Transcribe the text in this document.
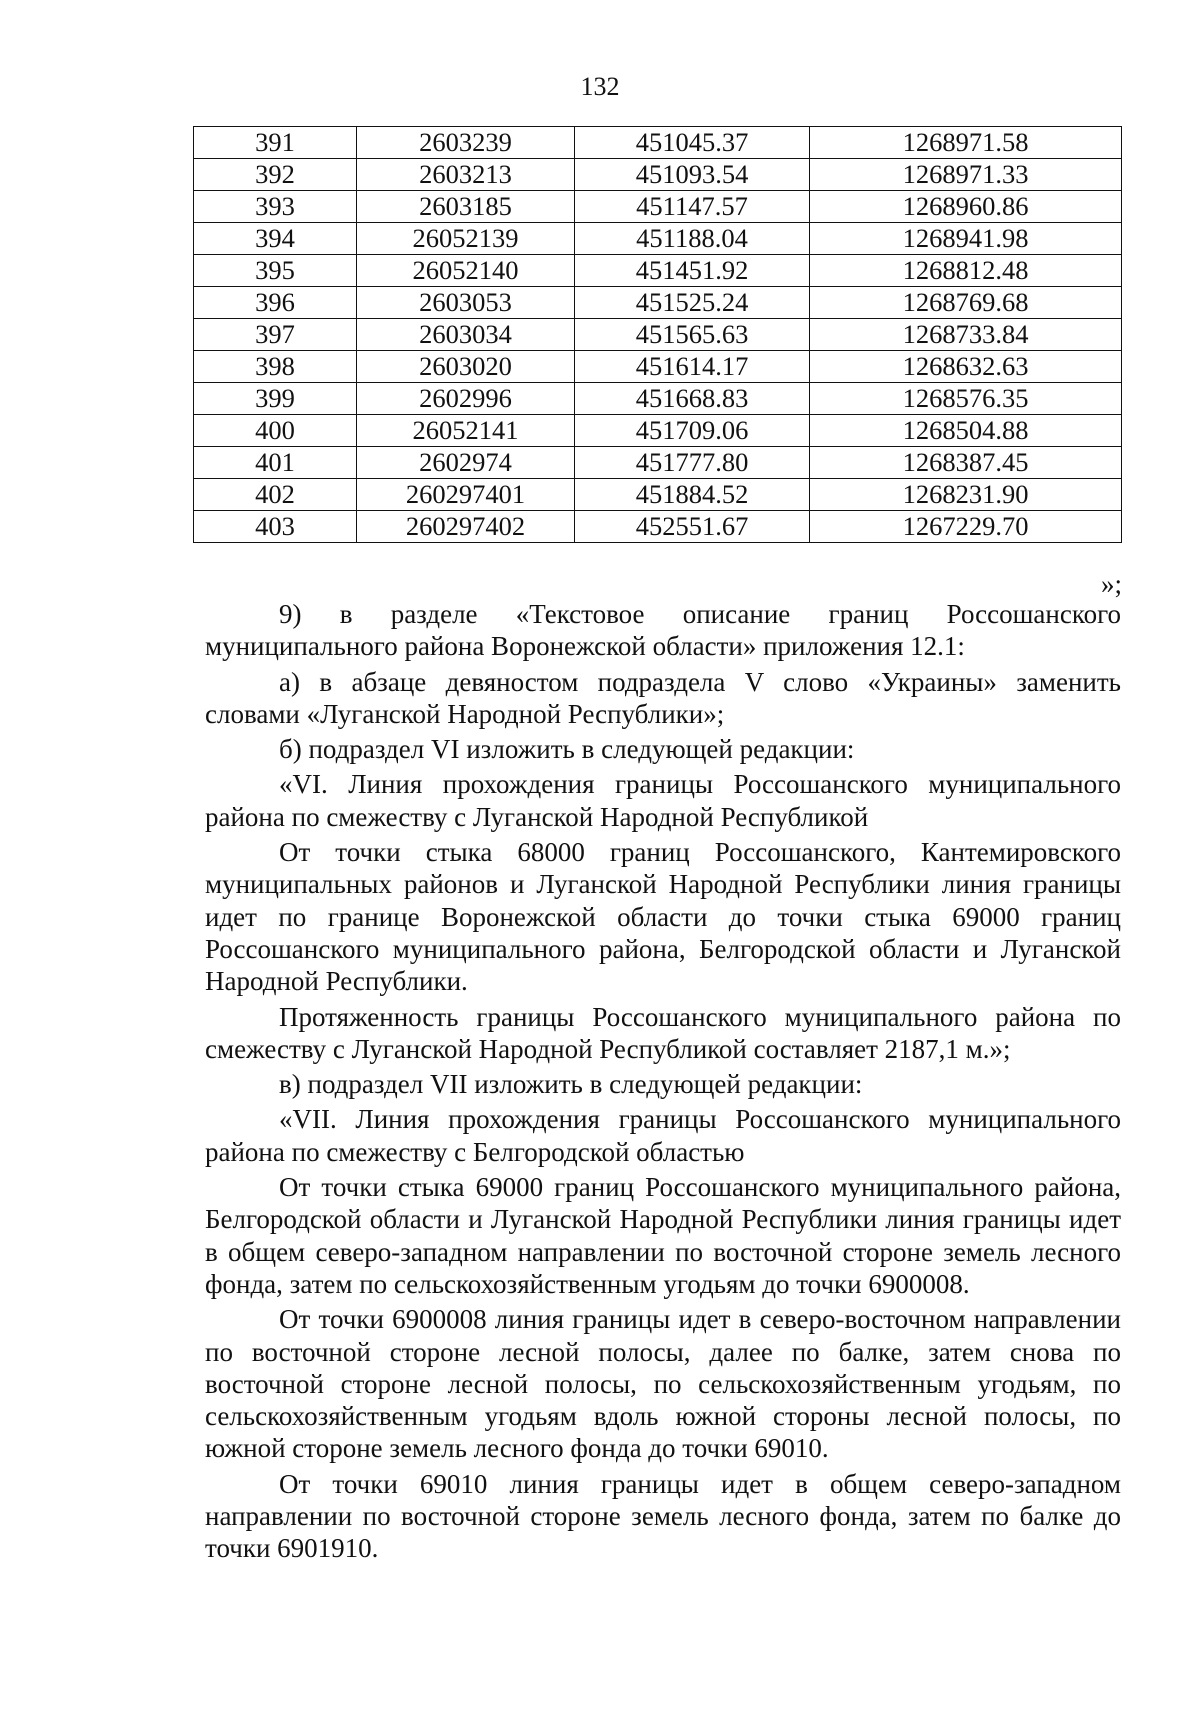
132
391	2603239	451045.37	1268971.58
392	2603213	451093.54	1268971.33
393	2603185	451147.57	1268960.86
394	26052139	451188.04	1268941.98
395	26052140	451451.92	1268812.48
396	2603053	451525.24	1268769.68
397	2603034	451565.63	1268733.84
398	2603020	451614.17	1268632.63
399	2602996	451668.83	1268576.35
400	26052141	451709.06	1268504.88
401	2602974	451777.80	1268387.45
402	260297401	451884.52	1268231.90
403	260297402	452551.67	1267229.70
»;

9) в разделе «Текстовое описание границ Россошанского муниципального района Воронежской области» приложения 12.1:

а) в абзаце девяностом подраздела V слово «Украины» заменить словами «Луганской Народной Республики»;

б) подраздел VI изложить в следующей редакции:

«VI. Линия прохождения границы Россошанского муниципального района по смежеству с Луганской Народной Республикой

От точки стыка 68000 границ Россошанского, Кантемировского муниципальных районов и Луганской Народной Республики линия границы идет по границе Воронежской области до точки стыка 69000 границ Россошанского муниципального района, Белгородской области и Луганской Народной Республики.

Протяженность границы Россошанского муниципального района по смежеству с Луганской Народной Республикой составляет 2187,1 м.»;

в) подраздел VII изложить в следующей редакции:

«VII. Линия прохождения границы Россошанского муниципального района по смежеству с Белгородской областью

От точки стыка 69000 границ Россошанского муниципального района, Белгородской области и Луганской Народной Республики линия границы идет в общем северо-западном направлении по восточной стороне земель лесного фонда, затем по сельскохозяйственным угодьям до точки 6900008.

От точки 6900008 линия границы идет в северо-восточном направлении по восточной стороне лесной полосы, далее по балке, затем снова по восточной стороне лесной полосы, по сельскохозяйственным угодьям, по сельскохозяйственным угодьям вдоль южной стороны лесной полосы, по южной стороне земель лесного фонда до точки 69010.

От точки 69010 линия границы идет в общем северо-западном направлении по восточной стороне земель лесного фонда, затем по балке до точки 6901910.
